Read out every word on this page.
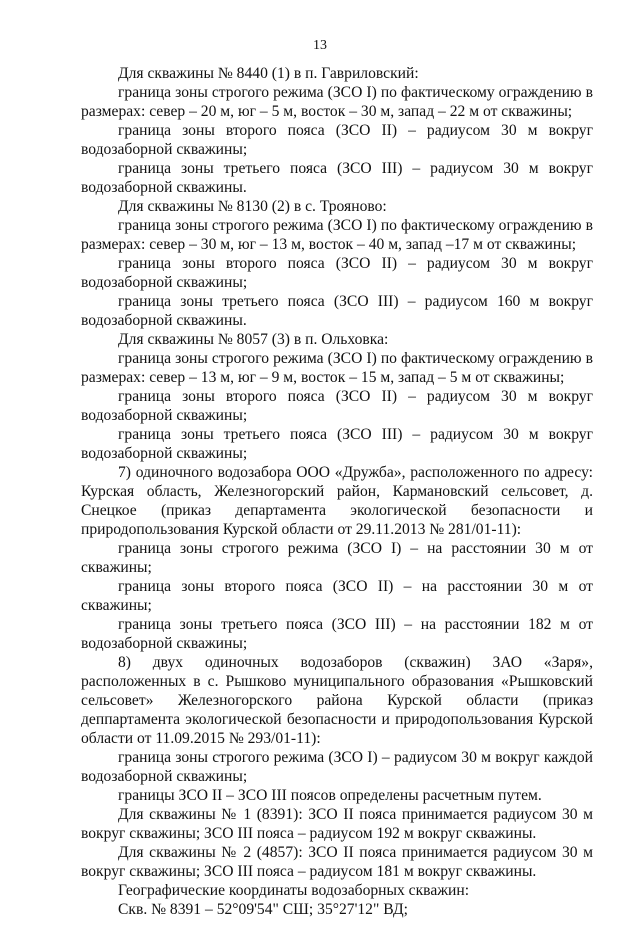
13

Для скважины № 8440 (1) в п. Гавриловский:

граница зоны строгого режима (ЗСО I) по фактическому ограждению в размерах: север – 20 м, юг – 5 м, восток – 30 м, запад – 22 м от скважины;

граница зоны второго пояса (ЗСО II) – радиусом 30 м вокруг водозаборной скважины;

граница зоны третьего пояса (ЗСО III) – радиусом 30 м вокруг водозаборной скважины.

Для скважины № 8130 (2) в с. Трояново:

граница зоны строгого режима (ЗСО I) по фактическому ограждению в размерах: север – 30 м, юг – 13 м, восток – 40 м, запад –17 м от скважины;

граница зоны второго пояса (ЗСО II) – радиусом 30 м вокруг водозаборной скважины;

граница зоны третьего пояса (ЗСО III) – радиусом 160 м вокруг водозаборной скважины.

Для скважины № 8057 (3) в п. Ольховка:

граница зоны строгого режима (ЗСО I) по фактическому ограждению в размерах: север – 13 м, юг – 9 м, восток – 15 м, запад – 5 м от скважины;

граница зоны второго пояса (ЗСО II) – радиусом 30 м вокруг водозаборной скважины;

граница зоны третьего пояса (ЗСО III) – радиусом 30 м вокруг водозаборной скважины;

7) одиночного водозабора ООО «Дружба», расположенного по адресу: Курская область, Железногорский район, Кармановский сельсовет, д. Снецкое (приказ департамента экологической безопасности и природопользования Курской области от 29.11.2013 № 281/01-11):

граница зоны строгого режима (ЗСО I) – на расстоянии 30 м от скважины;

граница зоны второго пояса (ЗСО II) – на расстоянии 30 м от скважины;

граница зоны третьего пояса (ЗСО III) – на расстоянии 182 м от водозаборной скважины;

8) двух одиночных водозаборов (скважин) ЗАО «Заря», расположенных в с. Рышково муниципального образования «Рышковский сельсовет» Железногорского района Курской области (приказ деппартамента экологической безопасности и природопользования Курской области от 11.09.2015 № 293/01-11):

граница зоны строгого режима (ЗСО I) – радиусом 30 м вокруг каждой водозаборной скважины;

границы ЗСО II – ЗСО III поясов определены расчетным путем.

Для скважины № 1 (8391): ЗСО II пояса принимается радиусом 30 м вокруг скважины; ЗСО III пояса – радиусом 192 м вокруг скважины.

Для скважины № 2 (4857): ЗСО II пояса принимается радиусом 30 м вокруг скважины; ЗСО III пояса – радиусом 181 м вокруг скважины.

Географические координаты водозаборных скважин:

Скв. № 8391 – 52°09'54" СШ; 35°27'12" ВД;
